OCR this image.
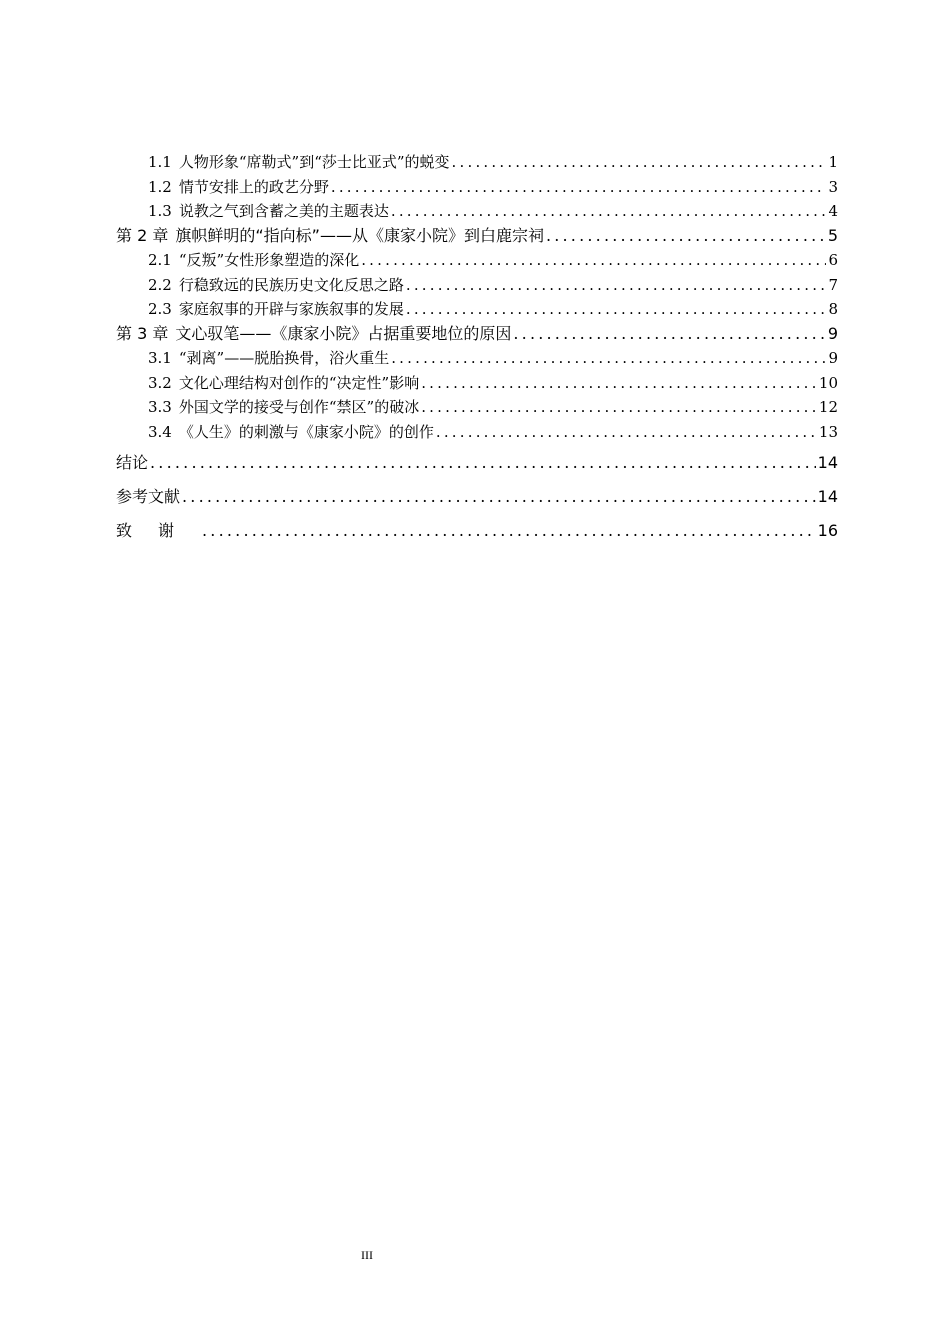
1.1 人物形象“席勒式”到“莎士比亚式”的蜕变 .....	1
1.2 情节安排上的政艺分野 .....	3
1.3 说教之气到含蓄之美的主题表达 .....	4
第 2 章 旗帜鲜明的“指向标”——从《康家小院》到白鹿宗祠 .....	5
2.1 “反叛”女性形象塑造的深化 .....	6
2.2 行稳致远的民族历史文化反思之路 .....	7
2.3 家庭叙事的开辟与家族叙事的发展 .....	8
第 3 章 文心驭笔——《康家小院》占据重要地位的原因 .....	9
3.1 “剥离”——脱胎换骨，浴火重生 .....	9
3.2 文化心理结构对创作的“决定性”影响 .....	10
3.3 外国文学的接受与创作“禁区”的破冰 .....	12
3.4 《人生》的刺激与《康家小院》的创作 .....	13
结论 .....	14
参考文献 .....	14
致谢 .....	16
III
